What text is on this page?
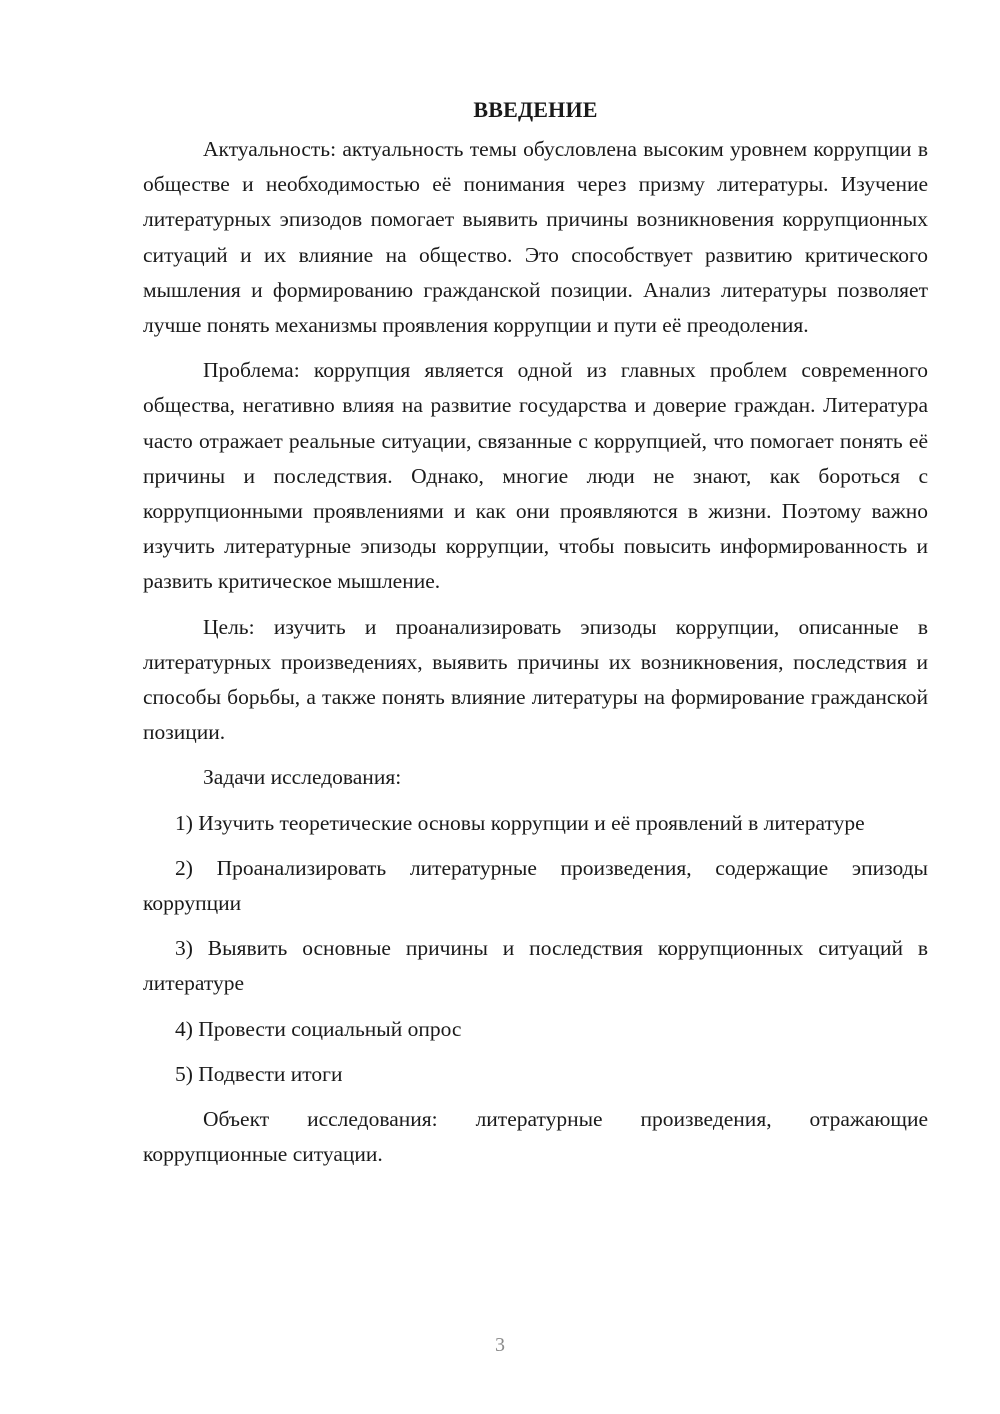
ВВЕДЕНИЕ

Актуальность: актуальность темы обусловлена высоким уровнем коррупции в обществе и необходимостью её понимания через призму литературы. Изучение литературных эпизодов помогает выявить причины возникновения коррупционных ситуаций и их влияние на общество. Это способствует развитию критического мышления и формированию гражданской позиции. Анализ литературы позволяет лучше понять механизмы проявления коррупции и пути её преодоления.

Проблема: коррупция является одной из главных проблем современного общества, негативно влияя на развитие государства и доверие граждан. Литература часто отражает реальные ситуации, связанные с коррупцией, что помогает понять её причины и последствия. Однако, многие люди не знают, как бороться с коррупционными проявлениями и как они проявляются в жизни. Поэтому важно изучить литературные эпизоды коррупции, чтобы повысить информированность и развить критическое мышление.

Цель: изучить и проанализировать эпизоды коррупции, описанные в литературных произведениях, выявить причины их возникновения, последствия и способы борьбы, а также понять влияние литературы на формирование гражданской позиции.

Задачи исследования:

1) Изучить теоретические основы коррупции и её проявлений в литературе

2) Проанализировать литературные произведения, содержащие эпизоды коррупции

3) Выявить основные причины и последствия коррупционных ситуаций в литературе

4) Провести социальный опрос

5) Подвести итоги

Объект исследования: литературные произведения, отражающие коррупционные ситуации.

3
